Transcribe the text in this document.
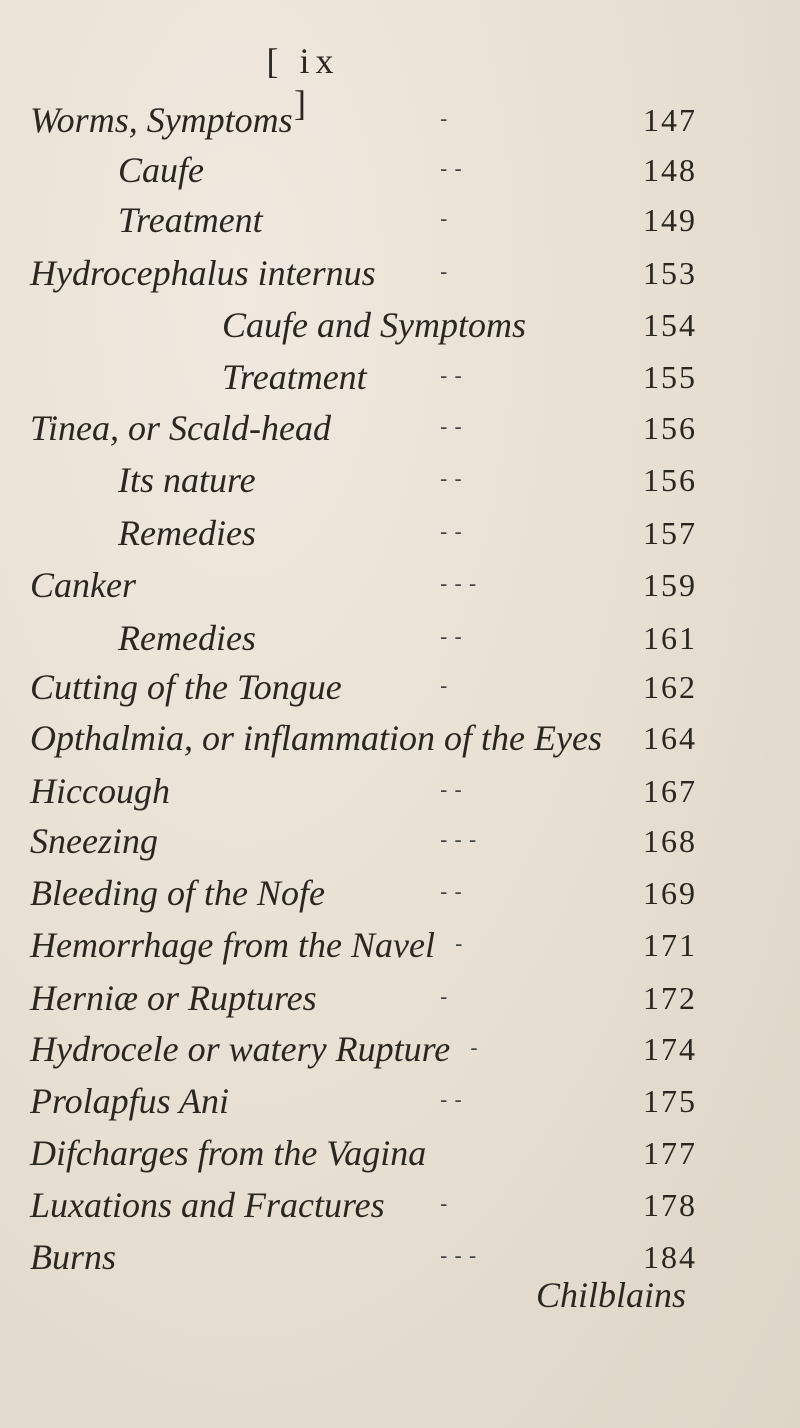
[ ix ]
Worms, Symptoms	-	147
Caufe	- -	148
Treatment	-	149
Hydrocephalus internus	-	153
Caufe and Symptoms	154
Treatment	- -	155
Tinea, or Scald-head	- -	156
Its nature	- -	156
Remedies	- -	157
Canker	- - -	159
Remedies	- -	161
Cutting of the Tongue	-	162
Opthalmia, or inflammation of the Eyes 164
Hiccough	- -	167
Sneezing	- - -	168
Bleeding of the Nofe	- -	169
Hemorrhage from the Navel -	171
Herniæ or Ruptures	-	172
Hydrocele or watery Rupture -	174
Prolapfus Ani	- -	175
Difcharges from the Vagina	177
Luxations and Fractures	-	178
Burns	- - -	184
Chilblains
